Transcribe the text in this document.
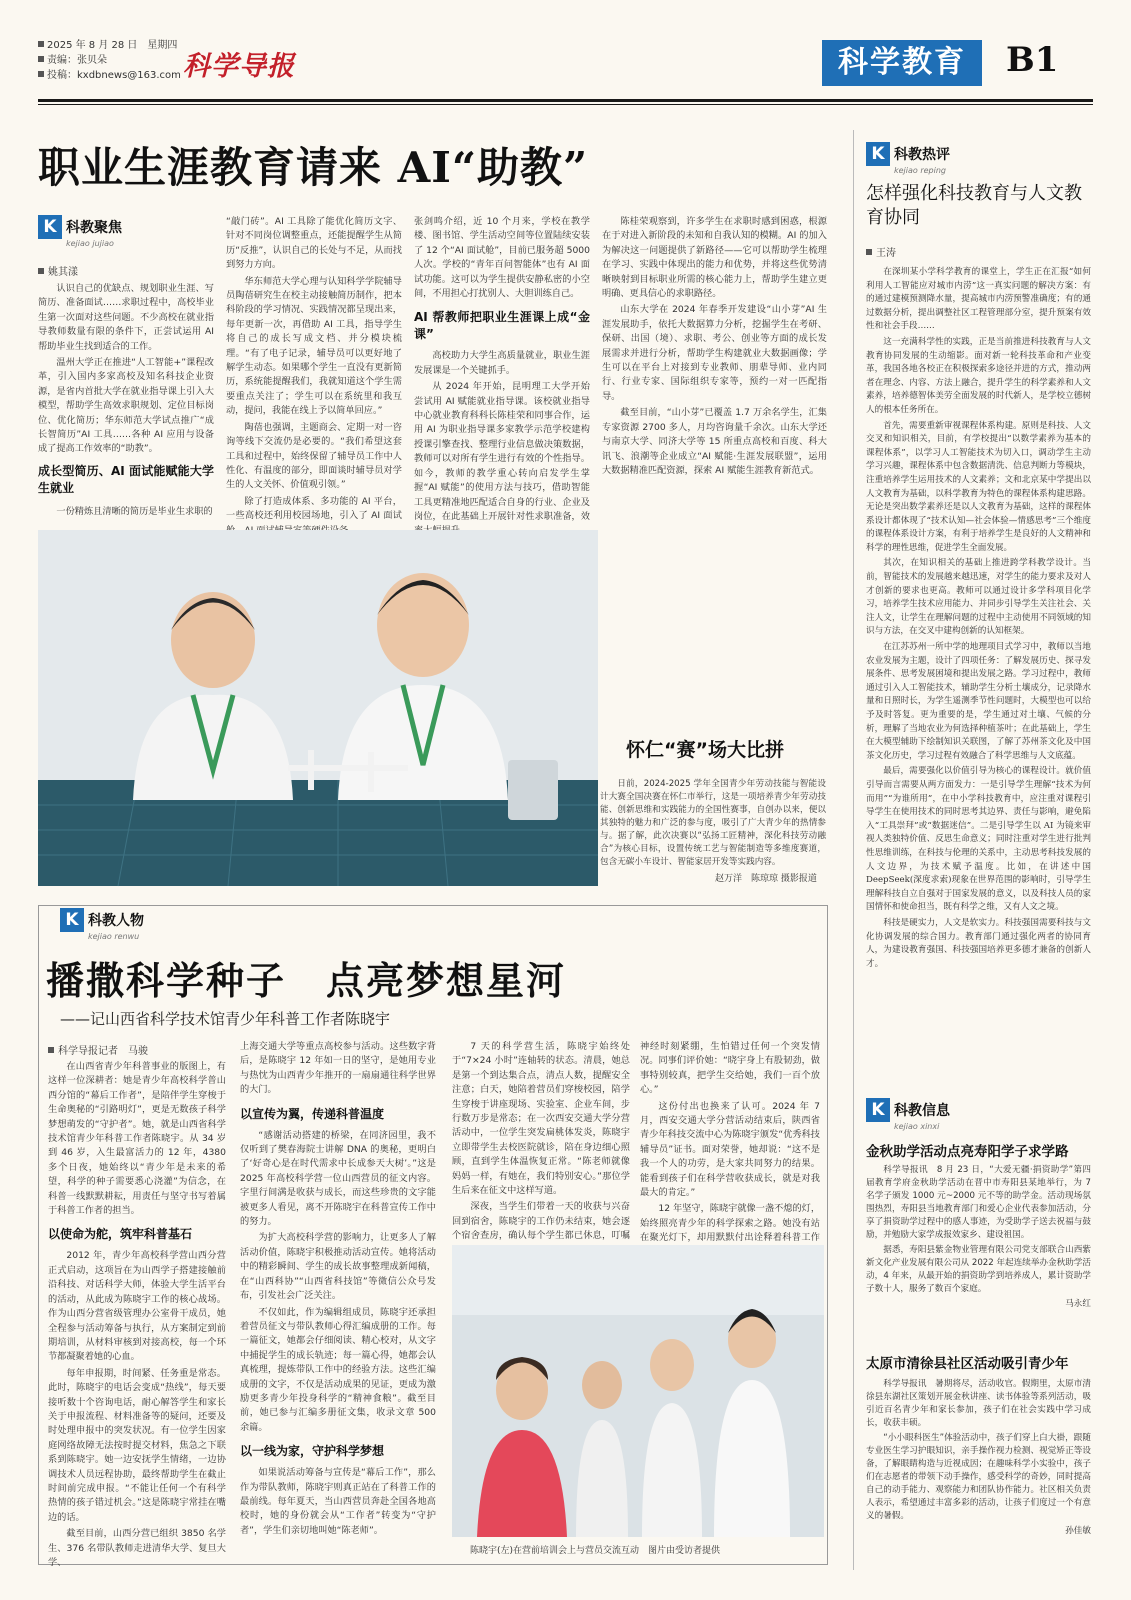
2025 年 8 月 28 日　星期四
责编：张贝朵
投稿：kxdbnews@163.com 科学导报	科学教育	B1
职业生涯教育请来 AI“助教”
K 科教聚焦
kejiao jujiao
姚其漾

认识自己的优缺点、规划职业生涯、写简历、准备面试……求职过程中，高校毕业生第一次面对这些问题。不少高校在就业指导教师数量有限的条件下，正尝试运用 AI 帮助毕业生找到适合的工作。

温州大学正在推进“人工智能+”课程改革，引入国内多家高校及知名科技企业资源，是省内首批大学在就业指导课上引入大模型，帮助学生高效求职规划、定位目标岗位、优化简历；华东师范大学试点推广“成长智简历”AI 工具……各种 AI 应用与设备成了提高工作效率的“助教”。

成长型简历、AI 面试能赋能大学生就业

一份精炼且清晰的简历是毕业生求职的

“敲门砖”。AI 工具除了能优化简历文字、针对不同岗位调整重点，还能提醒学生从简历“反推”，认识自己的长处与不足，从而找到努力方向。

华东师范大学心理与认知科学学院辅导员陶蓓研究生在校主动接触简历制作，把本科阶段的学习情况、实践情况都呈现出来，每年更新一次，再借助 AI 工具，指导学生将自己的成长写成文档、并分模块梳理。“有了电子记录，辅导员可以更好地了解学生动态。如果哪个学生一直没有更新简历，系统能提醒我们，我就知道这个学生需要重点关注了；学生可以在系统里和我互动，提问，我能在线上予以简单回应。”

陶蓓也强调，主题商会、定期一对一咨询等线下交流仍是必要的。“我们希望这套工具和过程中，始终保留了辅导员工作中人性化、有温度的部分，即面谈时辅导员对学生的人文关怀、价值观引领。”

除了打造成体系、多功能的 AI 平台，一些高校还利用校园场地，引入了 AI 面试

张剑鸣介绍，近 10 个月来，学校在教学楼、图书馆、学生活动空间等位置陆续安装了 12 个“AI 面试舱”，目前已服务超 5000 人次。学校的“青年百问智能体”也有 AI 面试功能。这可以为学生提供安静私密的小空间，不用担心打扰别人、大胆训练自己。

AI 帮教师把职业生涯课上成“金课”

高校助力大学生高质量就业，职业生涯发展课是一个关键抓手。

从 2024 年开始，昆明理工大学开始尝试用 AI 赋能就业指导课。该校就业指导中心就业教育科科长陈桂荣和同事合作，运用 AI 为职业指导课多家教学示范学校建构授课引擎查找、整理行业信息做决策数据，教师可以对所有学生进行有效的个性指导。如今，教师的教学重心转向启发学生掌握“AI 赋能”的使用方法与技巧，借助智能工具更精准地匹配适合自身的行业、企业及岗位，在此基础上开展针对性求职准备，效

陈桂荣观察到，许多学生在求职时感到困惑，根源在于对进入新阶段的未知和自我认知的模糊。AI 的加入为解决这一问题提供了新路径——它可以帮助学生梳理在学习、实践中体现出的能力和优势，并将这些优势清晰映射到目标职业所需的核心能力上，帮助学生建立更明确、更具信心的求职路径。

山东大学在 2024 年春季开发建设“山小芽”AI 生涯发展助手，依托大数据算力分析，挖掘学生在考研、保研、出国（境）、求职、考公、创业等方面的成长发展需求并进行分析，帮助学生构建就业大数据画像；学生可以在平台上对接到专业教师、朋辈导师、业内同行、行业专家、国际组织专家等，预约一对一匹配指导。

截至目前，“山小芽”已覆盖 1.7 万余名学生，汇集专家资源 2700 多人，月均咨询量千余次。山东大学还与南京大学、同济大学等 15 所重点高校和百度、科大讯飞、浪潮等企业成立“AI 赋能·生涯发展联盟”，运用大数据精准匹配资源，探索 AI 赋能生涯教育新范式。

怀仁“赛”场大比拼

日前，2024-2025 学年全国青少年劳动技能与智能设计大赛全国决赛在怀仁市举行，这是一项培养青少年劳动技能、创新思维和实践能力的全国性赛事，自创办以来，便以其独特的魅力和广泛的参与度，吸引了广大青少年的热情参与。据了解，此次决赛以“弘扬工匠精神，深化科技劳动融合”为核心目标，设置传统工艺与智能制造等多维度赛道，包含无碳小车设计、智能家居开发等实践内容。

赵万洋　陈琼琼 摄影报道
K 科教人物
kejiao renwu
播撒科学种子　点亮梦想星河
——记山西省科学技术馆青少年科普工作者陈晓宇
科学导报记者　马骏

在山西省青少年科普事业的版图上，有这样一位深耕者：她是青少年高校科学普山西分馆的“幕后工作者”，是陪伴学生穿梭于生命奥秘的“引路明灯”，更是无数孩子科学梦想萌发的“守护者”。她，就是山西省科学技术馆青少年科普工作者陈晓宇。从 34 岁到 46 岁，入生最富活力的 12 年，4380 多个日夜，她始终以“青少年是未来的希望，科学的种子需要悉心浇灌”为信念，在科普一线默默耕耘，用责任与坚守书写着属于科普工作者的担当。

以使命为舵，筑牢科普基石

2012 年，青少年高校科学营山西分营正式启动，这项旨在为山西学子搭建接触前沿科技、对话科学大师，体验大学生活平台的活动，从此成为陈晓宇工作的核心战场。作为山西分营省级管理办公室骨干成员，她全程参与活动筹备与执行，从方案制定到前期培训，从材料审核到对接高校，每一个环节都凝聚着她的心血。

每年申报期，时间紧、任务重是常态。此时，陈晓宇的电话会变成“热线”，每天要接听数十个咨询电话，耐心解答学生和家长关于申报流程、材料准备等的疑问，还要及时处理申报中的突发状况。有一位学生因家庭网络故障无法按时提交材料，焦急之下联系到陈晓宇。她一边安抚学生情绪，一边协调技术人员远程协助，最终帮助学生在截止时间前完成申报。“不能让任何一个有科学热情的孩子错过机会。”这是陈晓宇常挂在嘴边的话。

截至目前，山西分营已组织 3850 名学生、376 名带队教师走进清华大学、复旦大学、

上海交通大学等重点高校参与活动。这些数字背后，是陈晓宇 12 年如一日的坚守，是她用专业与热忱为山西青少年推开的一扇扇通往科学世界的大门。

以宣传为翼，传递科普温度

“感谢活动搭建的桥梁，在同济园里，我不仅听到了樊春海院士讲解 DNA 的奥秘，更明白了‘好奇心是在时代需求中长成参天大树’。”这是 2025 年高校科学营一位山西营员的征文内容。字里行间满是收获与成长，而这些珍贵的文字能被更多人看见，离不开陈晓宇在科普宣传工作中的努力。

为扩大高校科学营的影响力，让更多人了解活动价值，陈晓宇积极推动活动宣传。她将活动中的精彩瞬间、学生的成长故事整理成新闻稿，在“山西科协”“山西省科技馆”等微信公众号发布，引发社会广泛关注。

不仅如此，作为编辑组成员，陈晓宇还承担着营员征文与带队教师心得汇编成册的工作。每一篇征文，她都会仔细阅读、精心校对，从文字中捕捉学生的成长轨迹；每一篇心得，她都会认真梳理，提炼带队工作中的经验方法。这些汇编成册的文字，不仅是活动成果的见证，更成为激励更多青少年投身科学的“精神食粮”。截至目前，她已参与汇编多册征文集，收录文章 500 余篇。

以一线为家，守护科学梦想

如果说活动筹备与宣传是“幕后工作”，那么作为带队教师，陈晓宇则真正站在了科普工作的最前线。每年夏天，当山西营员奔赴全国各地高校时，她的身份就会从“工作者”转变为“守护者”，学生们亲切地叫她“陈老师”。

7 天的科学营生活，陈晓宇始终处于“7×24 小时”连轴转的状态。清晨，她总是第一个到达集合点，清点人数，提醒安全注意；白天，她陪着营员们穿梭校园，陪学生穿梭于讲座现场、实验室、企业车间，步行数万步是常态；在一次西安交通大学分营活动中，一位学生突发扁桃体发炎，陈晓宇立即带学生去校医院就诊，陪在身边细心照顾，直到学生体温恢复正常。“陈老师就像妈妈一样，有她在，我们特别安心。”那位学生后来在征文中这样写道。

深夜，当学生们带着一天的收获与兴奋回到宿舍，陈晓宇的工作仍未结束，她会逐个宿舍查房，确认每个学生都已休息，叮嘱

神经时刻紧绷，生怕错过任何一个突发情况。同事们评价她：“晓宇身上有股韧劲，做事特别较真，把学生交给她，我们一百个放心。”

这份付出也换来了认可。2024 年 7 月，西安交通大学分营活动结束后，陕西省青少年科技交流中心为陈晓宇颁发“优秀科技辅导员”证书。面对荣誉，她却说：“这不是我一个人的功劳，是大家共同努力的结果。能看到孩子们在科学营收获成长，就是对我最大的肯定。”

12 年坚守，陈晓宇就像一盏不熄的灯，始终照亮青少年的科学探索之路。她没有站在聚光灯下，却用默默付出诠释着科普工作

陈晓宇(左)在营前培训会上与营员交流互动　图片由受访者提供
K 科教热评
kejiao reping
怎样强化科技教育与人文教育协同
王涛

在深圳某小学科学教育的课堂上，学生正在汇报“如何利用人工智能应对城市内涝”这一真实问题的解决方案：有的通过建模预测降水量，提高城市内涝预警准确度；有的通过数据分析，提出调整社区工程管理部分室，提升预案有效性和社会手段……

这一充满科学性的实践，正是当前推进科技教育与人文教育协同发展的生动缩影。面对新一轮科技革命和产业变革，我国各地各校正在积极探索多途径并进的方式，推动两者在理念、内容、方法上融合，提升学生的科学素养和人文素养，培养德智体美劳全面发展的时代新人，是学校立德树人的根本任务所在。

首先，需要重新审视课程体系构建。原则是科技、人文交叉和知识相关，目前，有学校提出“以数学素养为基本的课程体系”，以学习人工智能技术为切入口，调动学生主动学习兴趣，课程体系中包含数据清洗、信息判断力等模块，注重培养学生运用技术的人文素养；文和北京某中学提出以人文教育为基础，以科学教育为特色的课程体系构建思路。无论是突出数学素养还是以人文教育为基础，这样的课程体系设计都体现了“技术认知—社会体验—情感思考”三个维度的课程体系设计方案，有利于培养学生是良好的人文精神和科学的理性思维，促进学生全面发展。

其次，在知识相关的基础上推进跨学科教学设计。当前，智能技术的发展越来越迅速，对学生的能力要求及对人才创新的要求也更高。教师可以通过设计多学科项目化学习，培养学生技术应用能力、并同步引导学生关注社会、关注人文，让学生在理解问题的过程中主动使用不同领域的知识与方法，在交叉中建构创新的认知框架。

在江苏苏州一所中学的地理项目式学习中，教师以当地农业发展为主题，设计了四项任务：了解发展历史、探寻发展条件、思考发展困境和提出发展之路。学习过程中，教师通过引入人工智能技术，辅助学生分析土壤成分，记录降水量和日照时长，为学生遥测季节性问题时，大模型也可以给予及时答复。更为重要的是，学生通过对土壤、气候的分析，理解了当地农业为何选择种植茶叶；在此基础上，学生在大模型辅助下绘制知识关联图，了解了苏州茶文化及中国茶文化历史，学习过程有效融合了科学思维与人文底蕴。

最后，需要强化以价值引导为核心的课程设计。就价值引导而言需要从两方面发力：一是引导学生理解“技术为何而用”“为谁所用”，在中小学科技教育中，应注重对课程引导学生在使用技术的同时思考其边界、责任与影响，避免陷入“工具崇拜”或“数据迷信”。二是引导学生以 AI 为镜来审视人类独特价值、反思生命意义；同时注重对学生进行批判性思维训练，在科技与伦理的关系中，主动思考科技发展的人文边界，为技术赋予温度。比如，在讲述中国 DeepSeek(深度求索)现象在世界范围的影响时，引导学生理解科技自立自强对于国家发展的意义，以及科技人员的家国情怀和使命担当，既有科学之维，又有人文之境。

科技是硬实力，人文是软实力。科技强国需要科技与文化协调发展的综合国力。教育部门通过强化两者的协同育人，为建设教育强国、科技强国培养更多德才兼备的创新人才。

K 科教信息
kejiao xinxi
金秋助学活动点亮寿阳学子求学路

科学导报讯　8 月 23 日，“大爱无疆·捐资助学”第四届教育学府金秋助学活动在晋中市寿阳县某地举行，为 7 名学子颁发 1000 元~2000 元不等的助学金。活动现场氛围热烈，寿阳县当地教育部门和爱心企业代表参加活动，分享了捐资助学过程中的感人事迹，为受助学子送去祝福与鼓励，并勉励大家学成报效家乡、建设祖国。

据悉，寿阳县紫金物业管理有限公司党支部联合山西紫新文化产业发展有限公司从 2022 年起连续举办金秋助学活动，4 年来，从最开始的捐资助学到培养成人，累计资助学子数十人，服务了数百个家庭。

马永红
太原市清徐县社区活动吸引青少年

科学导报讯　暑期将尽，活动收官。假期里，太原市清徐县东湖社区策划开展金秋讲座、读书体验等系列活动，吸引近百名青少年和家长参加，孩子们在社会实践中学习成长，收获丰硕。

“小小眼科医生”体验活动中，孩子们穿上白大褂，跟随专业医生学习护眼知识，亲手操作视力检测、视觉矫正等设备，了解眼睛构造与近视成因；在趣味科学小实验中，孩子们在志愿者的带领下动手操作，感受科学的奇妙，同时提高自己的动手能力、观察能力和团队协作能力。社区相关负责人表示，希望通过丰富多彩的活动，让孩子们度过一个有意义的暑假。

孙佳敏
